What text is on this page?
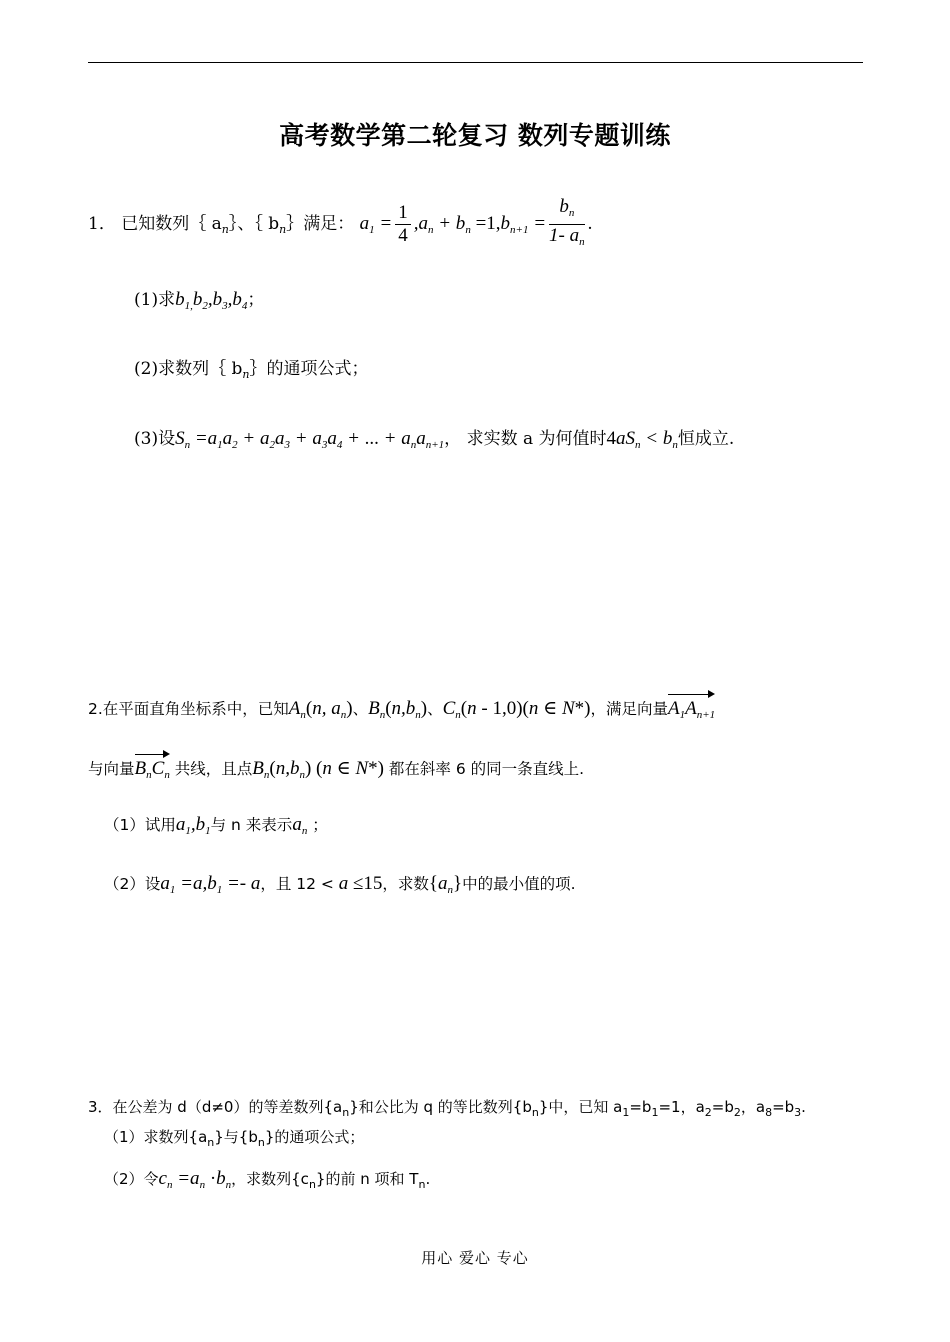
高考数学第二轮复习 数列专题训练
1． 已知数列｛ $a_n\}$、｛ $b_n\}$满足： $a_1 = \frac{1}{4} ,a_n + b_n =1,b_{n+1} = \frac{b_n}{1- a_n}$ .
(1)求$b_{1,}b_2,b_3,b_4$；
(2)求数列｛ $b_n\}$的通项公式；
(3)设$S_n =a_1a_2 + a_2a_3 + a_3a_4$ + ... + $a_na_{n+1}$， 求实数 a 为何值时$4aS_n < b_n$恒成立.
2.在平面直角坐标系中，已知$A_n(n$, $a_n$)、$B_n(n,b_n)$、$C_n(n - 1,0)(n$ ∈ N*)，满足向量$A_1A_{n+1}$
与向量$B_nC_n$ 共线，且点$B_n(n,b_n)$ (n ∈ N*) 都在斜率 6 的同一条直线上.
（1）试用$a_1,b_1$与 n 来表示$a_n$ ；
（2）设$a_1 =a,b_1 =- a$，且 12 < a ≤15，求数$\{a_n\}$中的最小值的项.
3．在公差为 d（d≠0）的等差数列$\{a_n\}$和公比为 q 的等比数列$\{b_n\}$中，已知 $a_1=b_1=1$，$a_2=b_2$，$a_8=b_3$.
（1）求数列$\{a_n\}$与$\{b_n\}$的通项公式；
（2）令$c_n =a_n \cdot b_n$，求数列$\{c_n\}$的前 n 项和 $T_n$.
用心 爱心 专心
